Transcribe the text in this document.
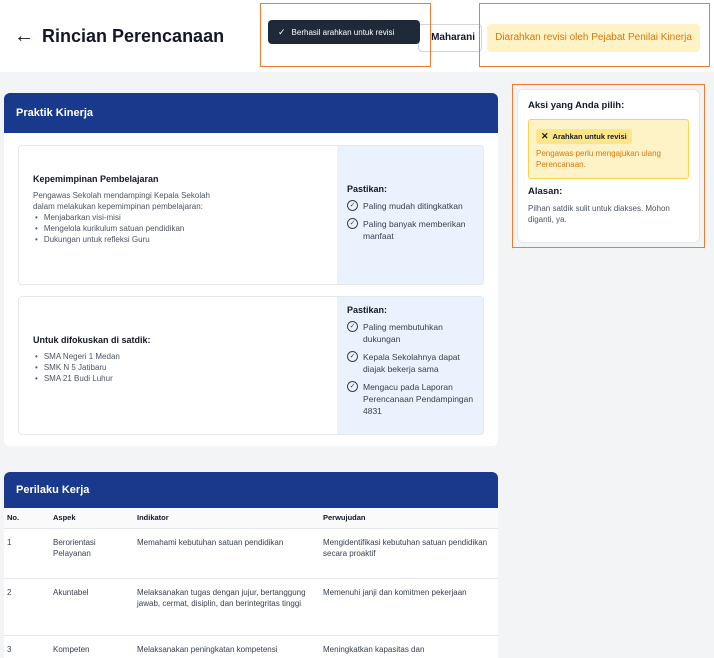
← Rincian Perencanaan	Maharani	Diarahkan revisi oleh Pejabat Penilai Kinerja
✓ Berhasil arahkan untuk revisi
Praktik Kinerja
Kepemimpinan Pembelajaran
Pengawas Sekolah mendampingi Kepala Sekolah
dalam melakukan kepemimpinan pembelajaran:
• Menjabarkan visi-misi
• Mengelola kurikulum satuan pendidikan
• Dukungan untuk refleksi Guru
Pastikan:
✓ Paling mudah ditingkatkan
✓ Paling banyak memberikan manfaat
Untuk difokuskan di satdik:
• SMA Negeri 1 Medan
• SMK N 5 Jatibaru
• SMA 21 Budi Luhur
Pastikan:
✓ Paling membutuhkan dukungan
✓ Kepala Sekolahnya dapat diajak bekerja sama
✓ Mengacu pada Laporan Perencanaan Pendampingan 4831
Aksi yang Anda pilih:
✕ Arahkan untuk revisi
Pengawas perlu mengajukan ulang Perencanaan.
Alasan:
Pilhan satdik sulit untuk diakses. Mohon diganti, ya.
Perilaku Kerja
No.	Aspek	Indikator	Perwujudan
1	Berorientasi Pelayanan	Memahami kebutuhan satuan pendidikan	Mengidentifikasi kebutuhan satuan pendidikan secara proaktif
2	Akuntabel	Melaksanakan tugas dengan jujur, bertanggung jawab, cermat, disiplin, dan berintegritas tinggi	Memenuhi janji dan komitmen pekerjaan
3	Kompeten	Melaksanakan peningkatan kompetensi	Meningkatkan kapasitas dan
